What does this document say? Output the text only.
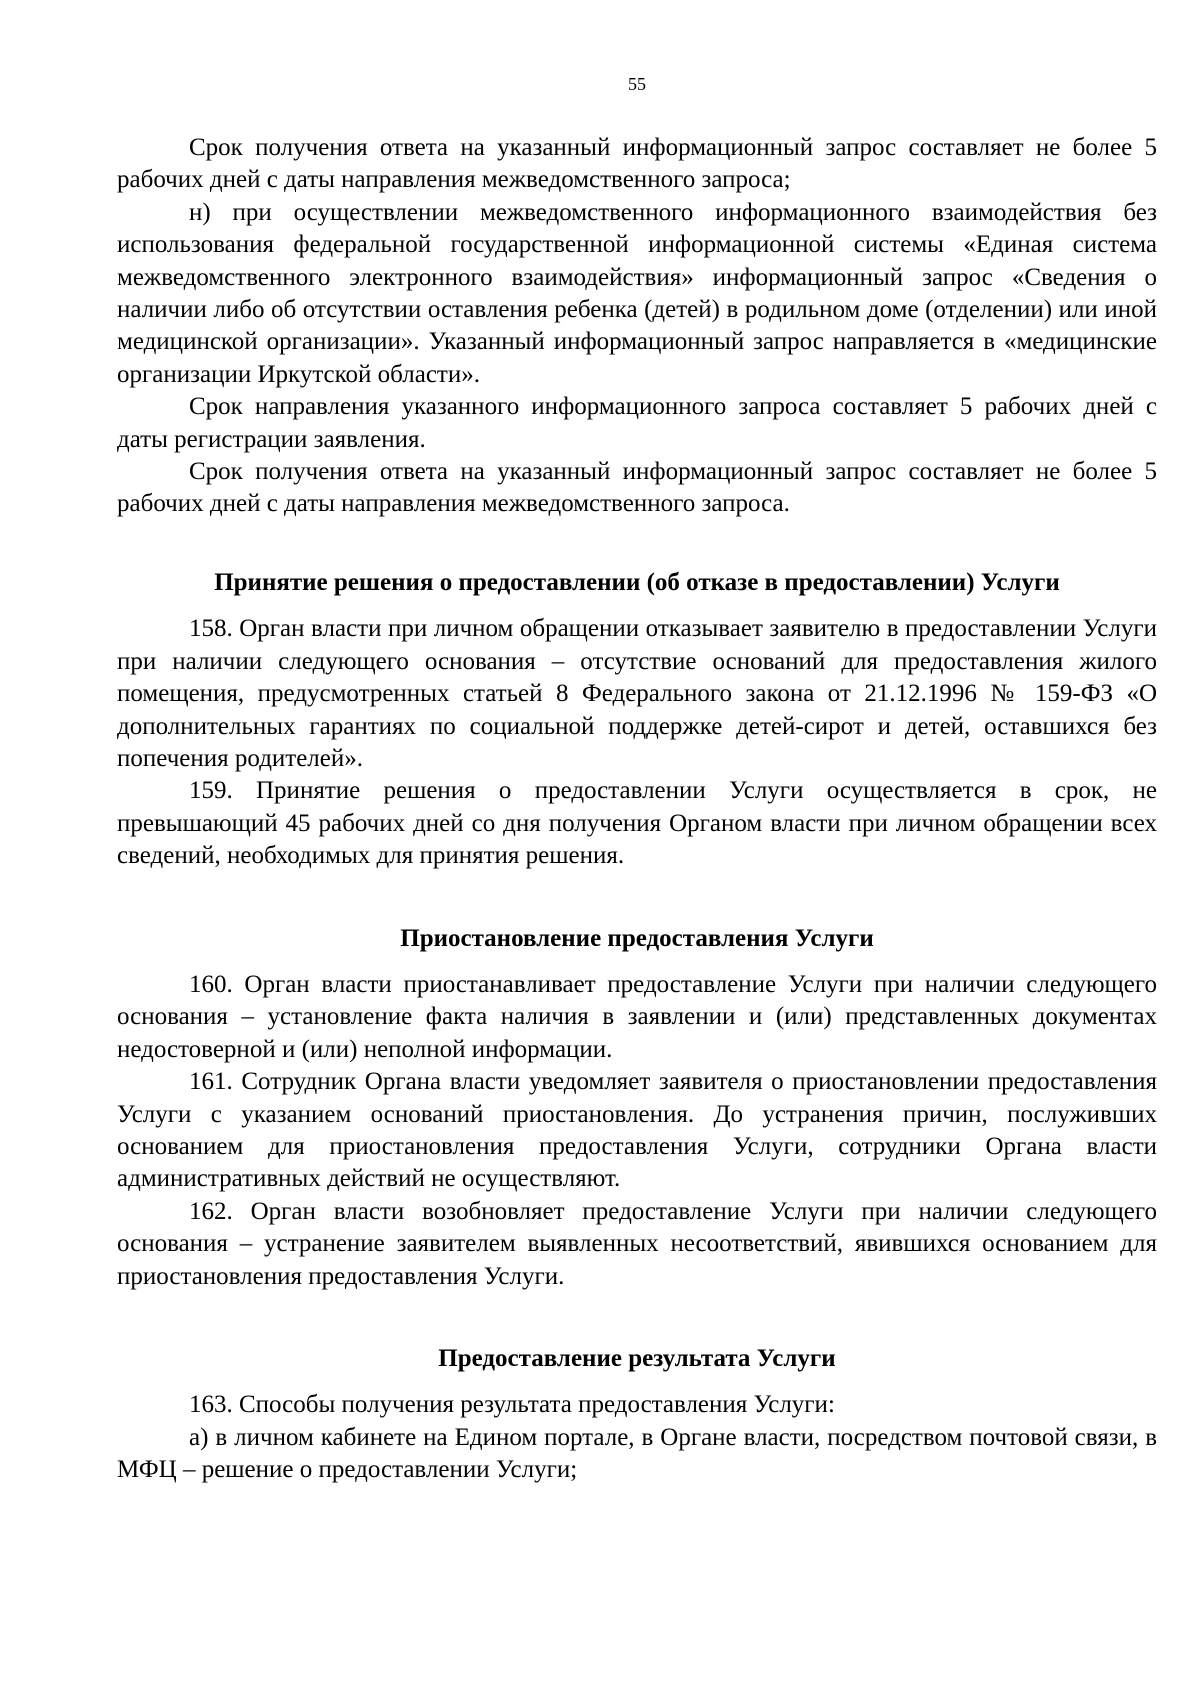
55

Срок получения ответа на указанный информационный запрос составляет не более 5 рабочих дней с даты направления межведомственного запроса;

н) при осуществлении межведомственного информационного взаимодействия без использования федеральной государственной информационной системы «Единая система межведомственного электронного взаимодействия» информационный запрос «Сведения о наличии либо об отсутствии оставления ребенка (детей) в родильном доме (отделении) или иной медицинской организации». Указанный информационный запрос направляется в «медицинские организации Иркутской области».

Срок направления указанного информационного запроса составляет 5 рабочих дней с даты регистрации заявления.

Срок получения ответа на указанный информационный запрос составляет не более 5 рабочих дней с даты направления межведомственного запроса.

Принятие решения о предоставлении (об отказе в предоставлении) Услуги

158. Орган власти при личном обращении отказывает заявителю в предоставлении Услуги при наличии следующего основания – отсутствие оснований для предоставления жилого помещения, предусмотренных статьей 8 Федерального закона от 21.12.1996 № 159-ФЗ «О дополнительных гарантиях по социальной поддержке детей-сирот и детей, оставшихся без попечения родителей».

159. Принятие решения о предоставлении Услуги осуществляется в срок, не превышающий 45 рабочих дней со дня получения Органом власти при личном обращении всех сведений, необходимых для принятия решения.

Приостановление предоставления Услуги

160. Орган власти приостанавливает предоставление Услуги при наличии следующего основания – установление факта наличия в заявлении и (или) представленных документах недостоверной и (или) неполной информации.

161. Сотрудник Органа власти уведомляет заявителя о приостановлении предоставления Услуги с указанием оснований приостановления. До устранения причин, послуживших основанием для приостановления предоставления Услуги, сотрудники Органа власти административных действий не осуществляют.

162. Орган власти возобновляет предоставление Услуги при наличии следующего основания – устранение заявителем выявленных несоответствий, явившихся основанием для приостановления предоставления Услуги.

Предоставление результата Услуги

163. Способы получения результата предоставления Услуги:

а) в личном кабинете на Едином портале, в Органе власти, посредством почтовой связи, в МФЦ – решение о предоставлении Услуги;
